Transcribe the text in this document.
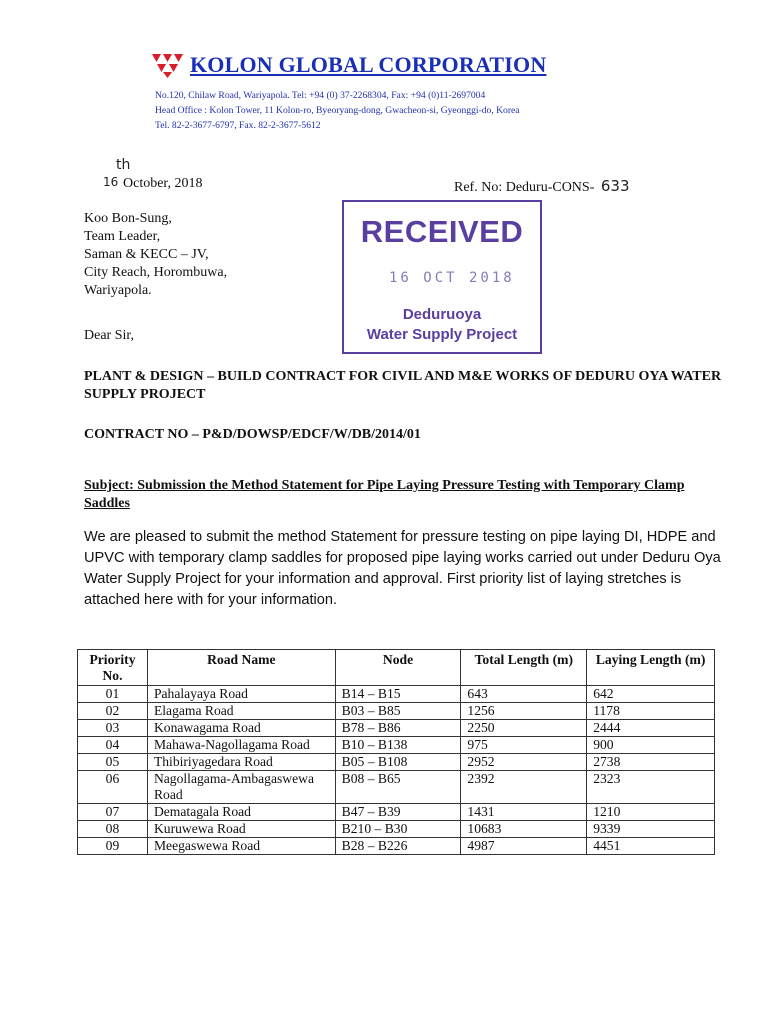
KOLON GLOBAL CORPORATION
No.120, Chilaw Road, Wariyapola. Tel: +94 (0) 37-2268304, Fax: +94 (0)11-2697004
Head Office : Kolon Tower, 11 Kolon-ro, Byeoryang-dong, Gwacheon-si, Gyeonggi-do, Korea
Tel. 82-2-3677-6797, Fax. 82-2-3677-5612
th
16 October, 2018	Ref. No: Deduru-CONS- 633
Koo Bon-Sung,
Team Leader,
Saman & KECC – JV,
City Reach, Horombuwa,
Wariyapola.
Dear Sir,
RECEIVED
16 OCT 2018
Deduruoya
Water Supply Project
PLANT & DESIGN – BUILD CONTRACT FOR CIVIL AND M&E WORKS OF DEDURU OYA WATER SUPPLY PROJECT
CONTRACT NO – P&D/DOWSP/EDCF/W/DB/2014/01
Subject: Submission the Method Statement for Pipe Laying Pressure Testing with Temporary Clamp Saddles
We are pleased to submit the method Statement for pressure testing on pipe laying DI, HDPE and UPVC with temporary clamp saddles for proposed pipe laying works carried out under Deduru Oya Water Supply Project for your information and approval. First priority list of laying stretches is attached here with for your information.
Priority No.	Road Name	Node	Total Length (m)	Laying Length (m)
01	Pahalayaya Road	B14 – B15	643	642
02	Elagama Road	B03 – B85	1256	1178
03	Konawagama Road	B78 – B86	2250	2444
04	Mahawa-Nagollagama Road	B10 – B138	975	900
05	Thibiriyagedara Road	B05 – B108	2952	2738
06	Nagollagama-Ambagaswewa Road	B08 – B65	2392	2323
07	Dematagala Road	B47 – B39	1431	1210
08	Kuruwewa Road	B210 – B30	10683	9339
09	Meegaswewa Road	B28 – B226	4987	4451
